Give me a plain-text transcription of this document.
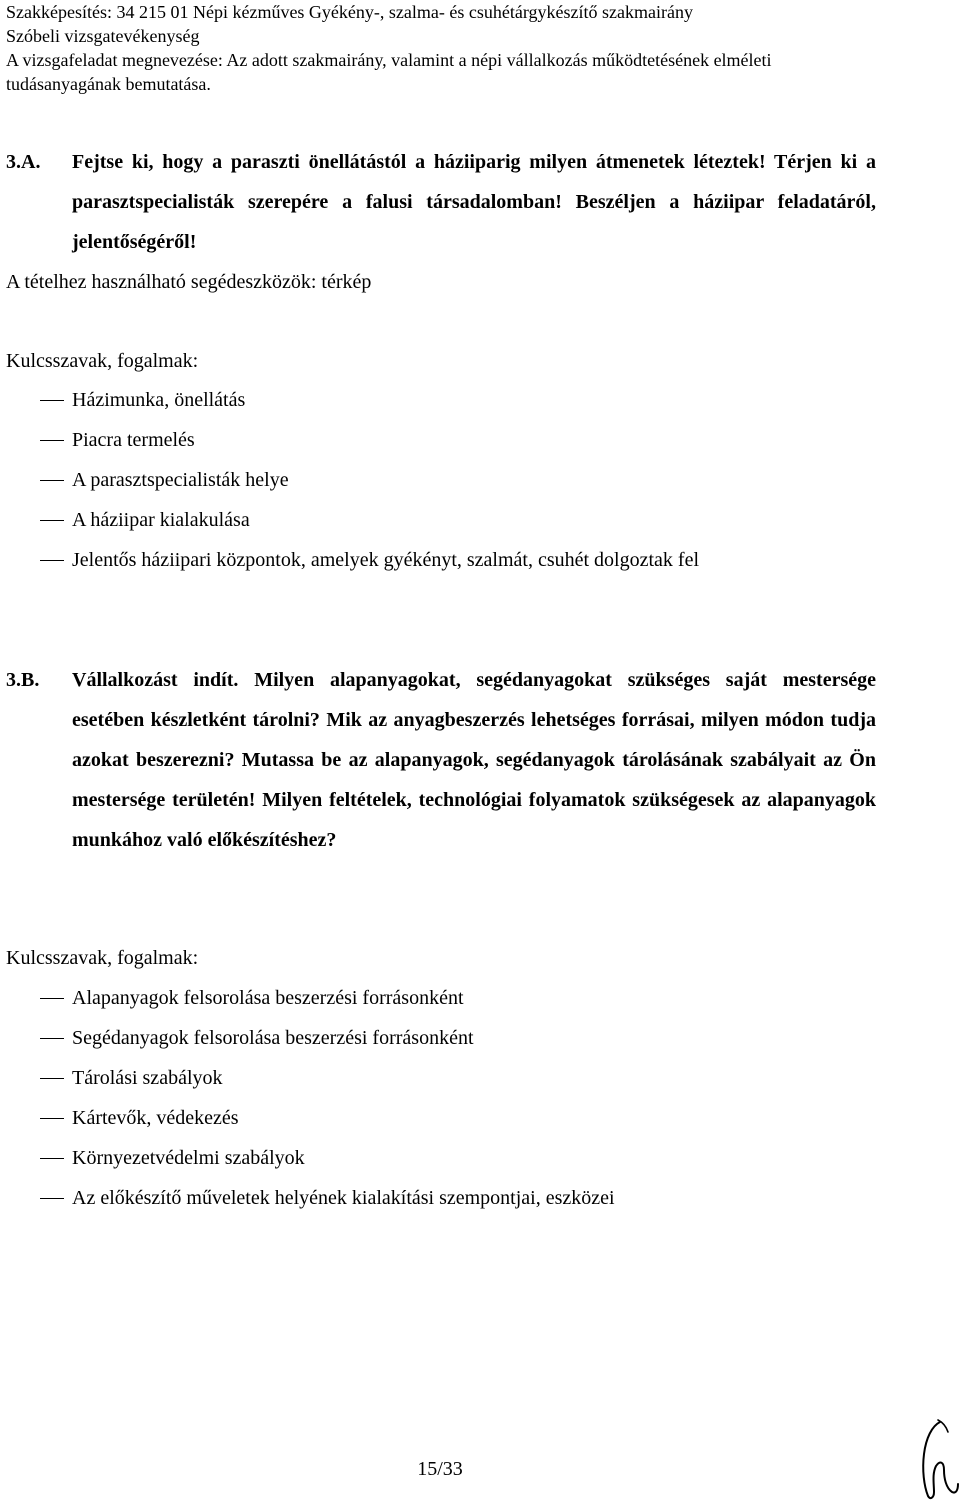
Szakképesítés: 34 215 01 Népi kézműves Gyékény-, szalma- és csuhétárgykészítő szakmairány
Szóbeli vizsgatevékenység
A vizsgafeladat megnevezése: Az adott szakmairány, valamint a népi vállalkozás működtetésének elméleti
tudásanyagának bemutatása.
3.A.	Fejtse ki, hogy a paraszti önellátástól a háziiparig milyen átmenetek léteztek! Térjen ki a parasztspecialisták szerepére a falusi társadalomban! Beszéljen a háziipar feladatáról, jelentőségéről!
A tételhez használható segédeszközök: térkép
Kulcsszavak, fogalmak:
Házimunka, önellátás
Piacra termelés
A parasztspecialisták helye
A háziipar kialakulása
Jelentős háziipari központok, amelyek gyékényt, szalmát, csuhét dolgoztak fel
3.B.	Vállalkozást indít. Milyen alapanyagokat, segédanyagokat szükséges saját mestersége esetében készletként tárolni? Mik az anyagbeszerzés lehetséges forrásai, milyen módon tudja azokat beszerezni? Mutassa be az alapanyagok, segédanyagok tárolásának szabályait az Ön mestersége területén! Milyen feltételek, technológiai folyamatok szükségesek az alapanyagok munkához való előkészítéshez?
Kulcsszavak, fogalmak:
Alapanyagok felsorolása beszerzési forrásonként
Segédanyagok felsorolása beszerzési forrásonként
Tárolási szabályok
Kártevők, védekezés
Környezetvédelmi szabályok
Az előkészítő műveletek helyének kialakítási szempontjai, eszközei
15/33
